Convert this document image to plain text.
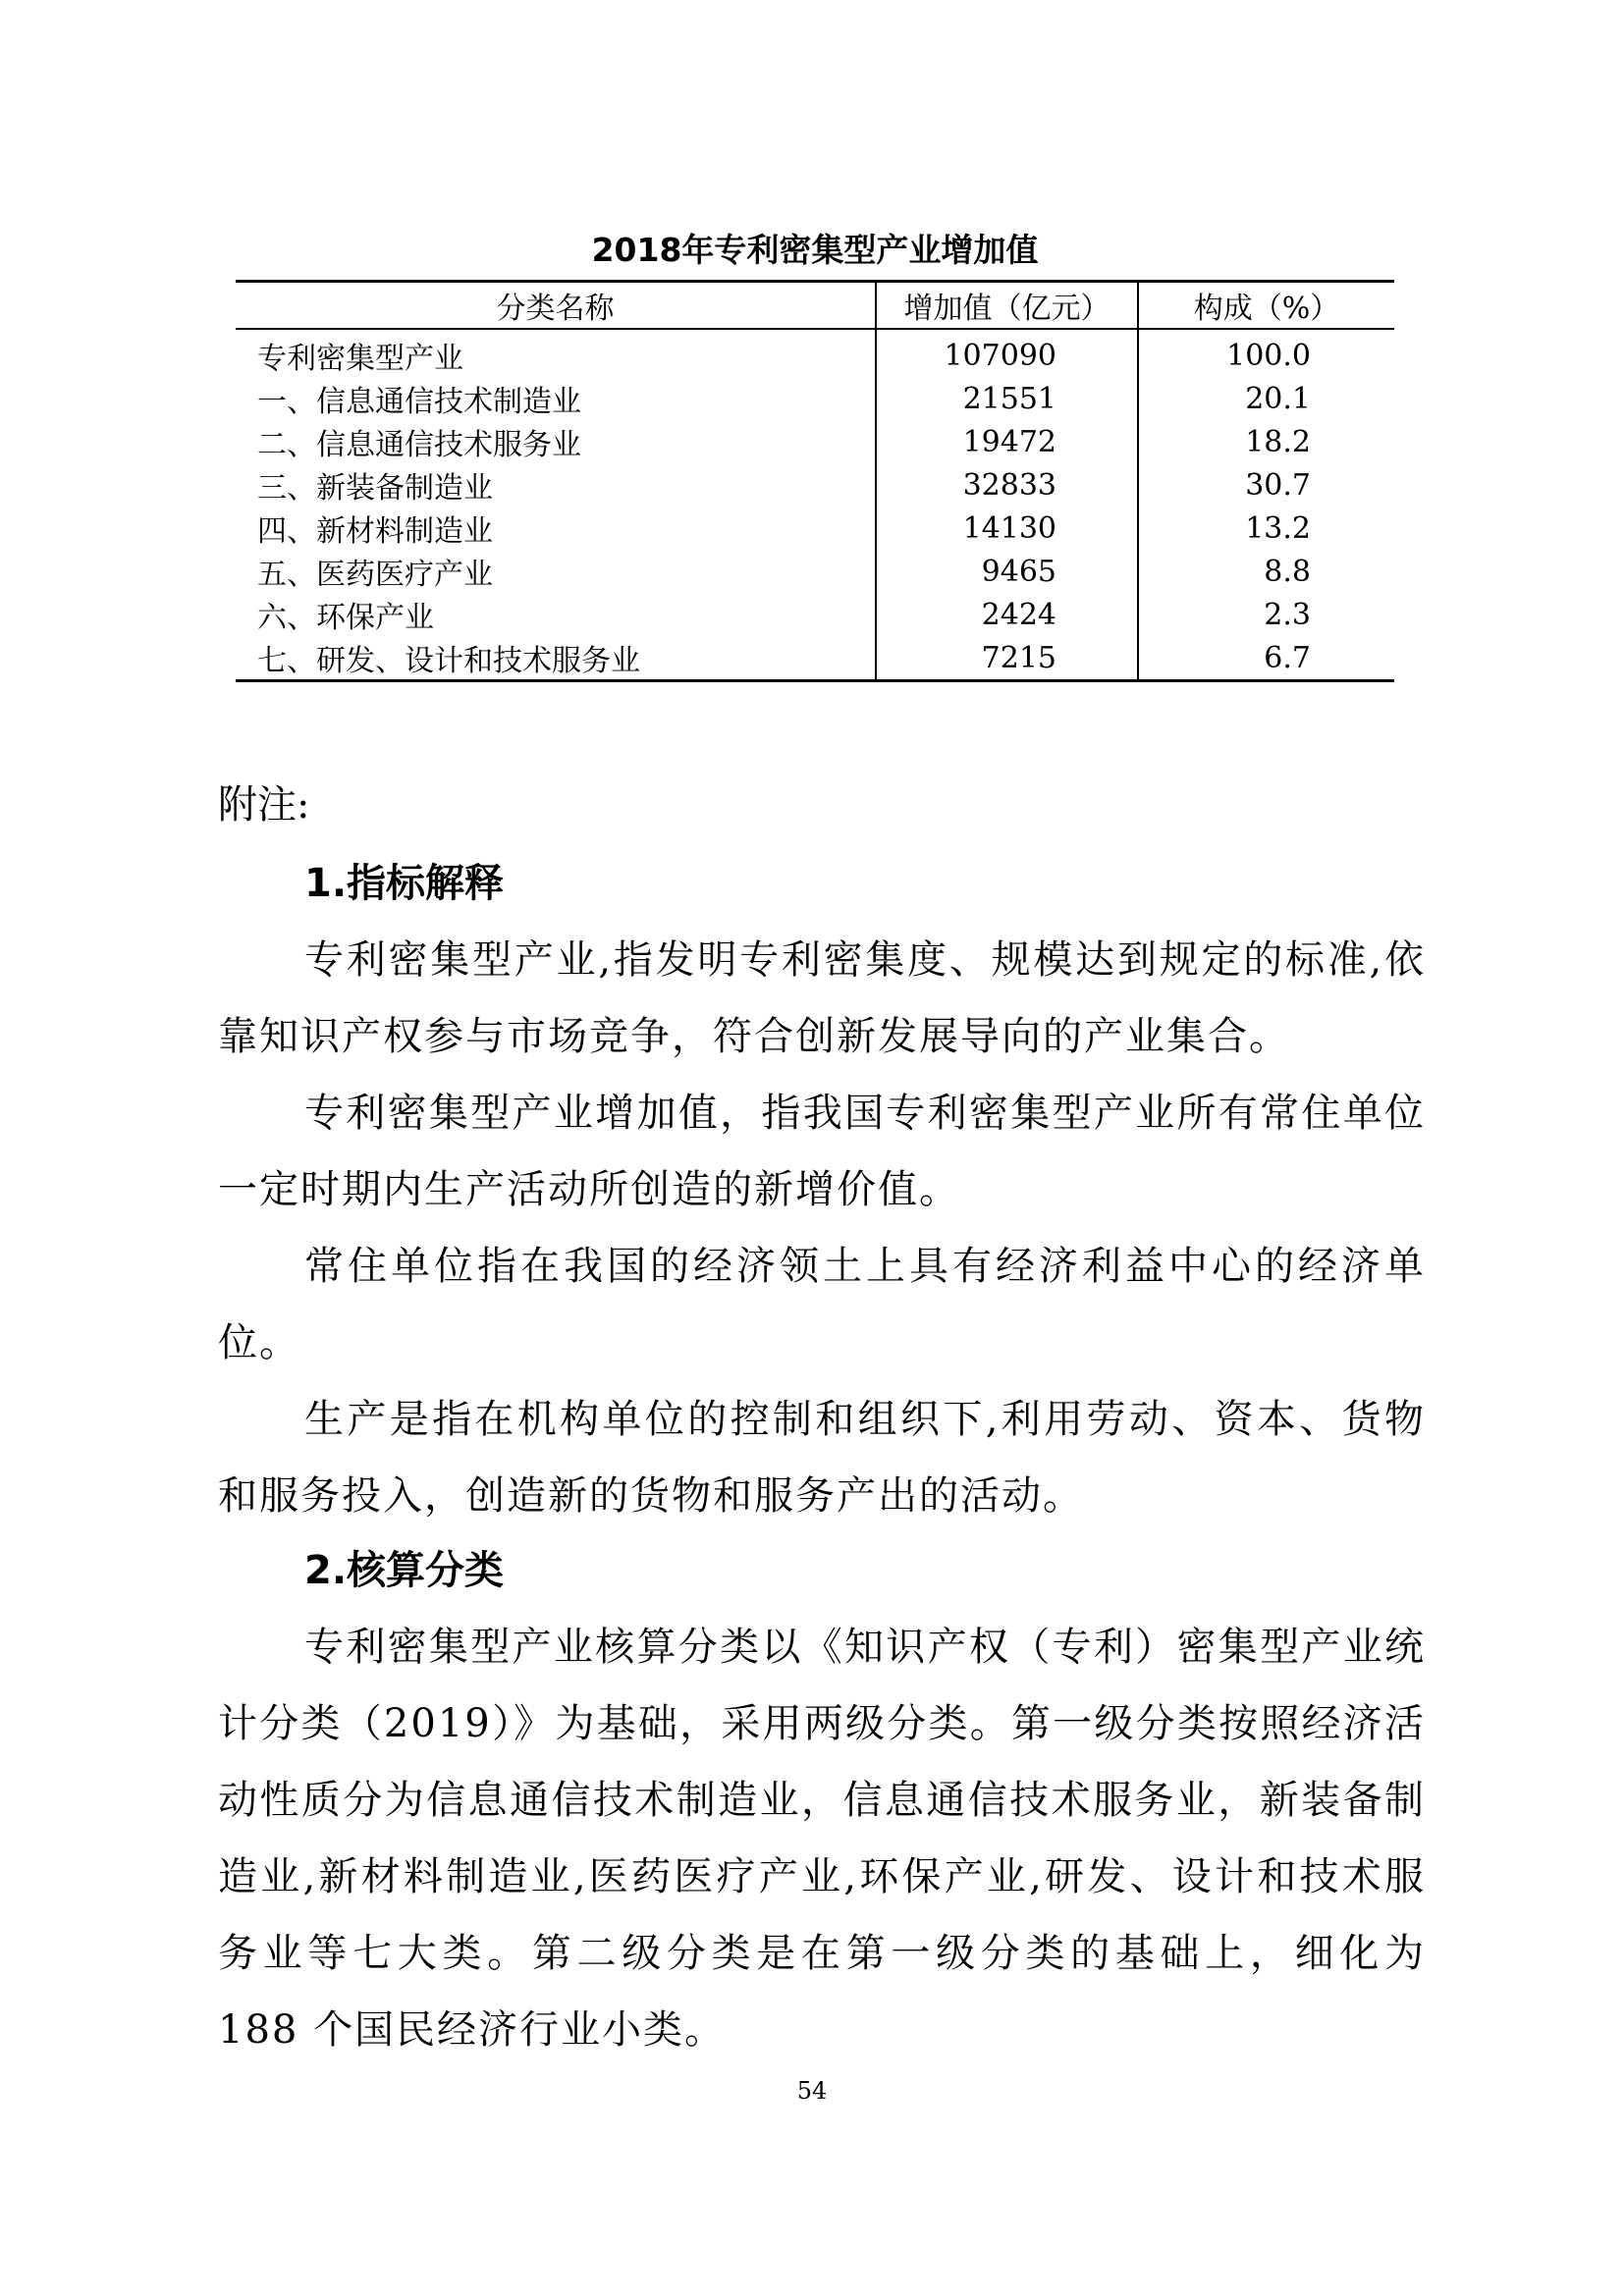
2018年专利密集型产业增加值
分类名称	增加值（亿元）	构成（%）
专利密集型产业	107090	100.0
一、信息通信技术制造业	21551	20.1
二、信息通信技术服务业	19472	18.2
三、新装备制造业	32833	30.7
四、新材料制造业	14130	13.2
五、医药医疗产业	9465	8.8
六、环保产业	2424	2.3
七、研发、设计和技术服务业	7215	6.7
附注:
1.指标解释

专利密集型产业,指发明专利密集度、规模达到规定的标准,依靠知识产权参与市场竞争，符合创新发展导向的产业集合。

专利密集型产业增加值，指我国专利密集型产业所有常住单位一定时期内生产活动所创造的新增价值。

常住单位指在我国的经济领土上具有经济利益中心的经济单位。

生产是指在机构单位的控制和组织下,利用劳动、资本、货物和服务投入，创造新的货物和服务产出的活动。

2.核算分类

专利密集型产业核算分类以《知识产权（专利）密集型产业统计分类（2019）》为基础，采用两级分类。第一级分类按照经济活动性质分为信息通信技术制造业，信息通信技术服务业，新装备制造业,新材料制造业,医药医疗产业,环保产业,研发、设计和技术服务业等七大类。第二级分类是在第一级分类的基础上，细化为 188 个国民经济行业小类。

54
